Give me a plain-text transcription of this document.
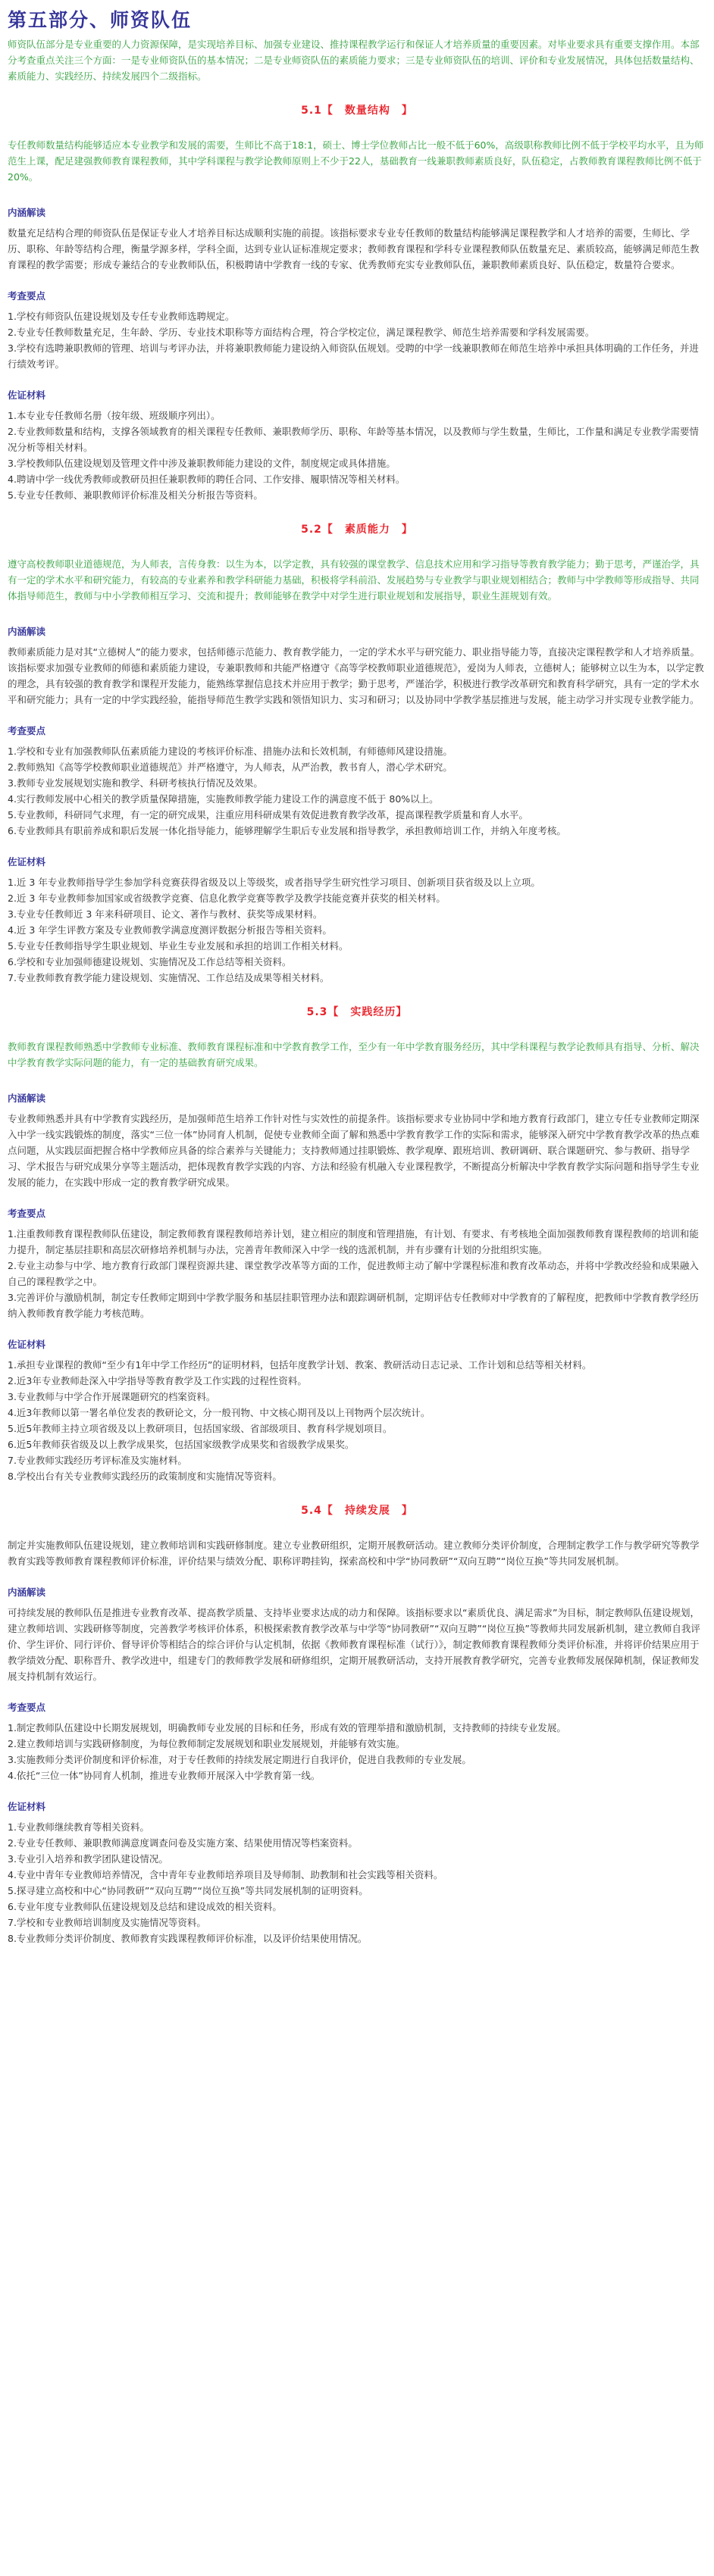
第五部分、师资队伍
师资队伍部分是专业重要的人力资源保障，是实现培养目标、加强专业建设、推持课程教学运行和保证人才培养质量的重要因素。对毕业要求具有重要支撑作用。本部分考查重点关注三个方面：一是专业师资队伍的基本情况；二是专业师资队伍的素质能力要求；三是专业师资队伍的培训、评价和专业发展情况，具体包括数量结构、素质能力、实践经历、持续发展四个二级指标。
5.1【　数量结构　】
专任教师数量结构能够适应本专业教学和发展的需要，生师比不高于18:1，硕士、博士学位教师占比一般不低于60%，高级职称教师比例不低于学校平均水平，且为师范生上课，配足建强教师教育课程教师，其中学科课程与教学论教师原则上不少于22人，基础教育一线兼职教师素质良好，队伍稳定，占教师教育课程教师比例不低于20%。
内涵解读

数量充足结构合理的师资队伍是保证专业人才培养目标达成顺利实施的前提。该指标要求专业专任教师的数量结构能够满足课程教学和人才培养的需要，生师比、学历、职称、年龄等结构合理，衡量学源多样，学科全面，达到专业认证标准规定要求；教师教育课程和学科专业课程教师队伍数量充足、素质较高，能够满足师范生教育课程的教学需要；形成专兼结合的专业教师队伍，积极聘请中学教育一线的专家、优秀教师充实专业教师队伍，兼职教师素质良好、队伍稳定，数量符合要求。

考查要点
1.学校有师资队伍建设规划及专任专业教师选聘规定。
2.专业专任教师数量充足，生年龄、学历、专业技术职称等方面结构合理，符合学校定位，满足课程教学、师范生培养需要和学科发展需要。
3.学校有选聘兼职教师的管理、培训与考评办法，并将兼职教师能力建设纳入师资队伍规划。受聘的中学一线兼职教师在师范生培养中承担具体明确的工作任务，并进行绩效考评。
佐证材料
1.本专业专任教师名册（按年级、班级顺序列出）。
2.专业教师数量和结构，支撑各领域教育的相关课程专任教师、兼职教师学历、职称、年龄等基本情况，以及教师与学生数量，生师比，工作量和满足专业教学需要情况分析等相关材料。
3.学校教师队伍建设规划及管理文件中涉及兼职教师能力建设的文件，制度规定或具体措施。
4.聘请中学一线优秀教师或教研员担任兼职教师的聘任合同、工作安排、履职情况等相关材料。
5.专业专任教师、兼职教师评价标准及相关分析报告等资料。
5.2【　素质能力　】
遵守高校教师职业道德规范，为人师表，言传身教：以生为本，以学定教，具有较强的课堂教学、信息技术应用和学习指导等教育教学能力；勤于思考，严谨治学，具有一定的学术水平和研究能力，有较高的专业素养和教学科研能力基础，积极将学科前沿、发展趋势与专业教学与职业规划相结合；教师与中学教师等形成指导、共同体指导师范生，教师与中小学教师相互学习、交流和提升；教师能够在教学中对学生进行职业规划和发展指导，职业生涯规划有效。
内涵解读

教师素质能力是对其“立德树人”的能力要求，包括师德示范能力、教育教学能力，一定的学术水平与研究能力、职业指导能力等，直接决定课程教学和人才培养质量。该指标要求加强专业教师的师德和素质能力建设，专兼职教师和共能严格遵守《高等学校教师职业道德规范》，爱岗为人师表，立德树人；能够树立以生为本，以学定教的理念，具有较强的教育教学和课程开发能力，能熟练掌握信息技术并应用于教学；勤于思考，严谨治学，积极进行教学改革研究和教育科学研究，具有一定的学术水平和研究能力；具有一定的中学实践经验，能指导师范生教学实践和领悟知识力、实习和研习；以及协同中学教学基层推进与发展，能主动学习并实现专业教学能力。

考查要点
1.学校和专业有加强教师队伍素质能力建设的考核评价标准、措施办法和长效机制，有师德师风建设措施。
2.教师熟知《高等学校教师职业道德规范》并严格遵守，为人师表，从严治教，教书育人，潜心学术研究。
3.教师专业发展规划实施和教学、科研考核执行情况及效果。
4.实行教师发展中心相关的教学质量保障措施，实施教师教学能力建设工作的满意度不低于 80%以上。
5.专业教师，科研同气求理，有一定的研究成果，注重应用科研成果有效促进教育教学改革，提高课程教学质量和育人水平。
6.专业教师具有职前养成和职后发展一体化指导能力，能够理解学生职后专业发展和指导教学，承担教师培训工作，并纳入年度考核。
佐证材料
1.近 3 年专业教师指导学生参加学科竞赛获得省级及以上等级奖，或者指导学生研究性学习项目、创新项目获省级及以上立项。
2.近 3 年专业教师参加国家或省级教学竞赛、信息化教学竞赛等教学及教学技能竞赛并获奖的相关材料。
3.专业专任教师近 3 年来科研项目、论文、著作与教材、获奖等成果材料。
4.近 3 年学生评教方案及专业教师教学满意度测评数据分析报告等相关资料。
5.专业专任教师指导学生职业规划、毕业生专业发展和承担的培训工作相关材料。
6.学校和专业加强师德建设规划、实施情况及工作总结等相关资料。
7.专业教师教育教学能力建设规划、实施情况、工作总结及成果等相关材料。
5.3【　实践经历】
教师教育课程教师熟悉中学教师专业标准、教师教育课程标准和中学教育教学工作，至少有一年中学教育服务经历，其中学科课程与教学论教师具有指导、分析、解决中学教育教学实际问题的能力，有一定的基础教育研究成果。
内涵解读

专业教师熟悉并具有中学教育实践经历，是加强师范生培养工作针对性与实效性的前提条件。该指标要求专业协同中学和地方教育行政部门，建立专任专业教师定期深入中学一线实践锻炼的制度，落实“三位一体”协同育人机制，促使专业教师全面了解和熟悉中学教育教学工作的实际和需求，能够深入研究中学教育教学改革的热点难点问题，从实践层面把握合格中学教师应具备的综合素养与关键能力；支持教师通过挂职锻炼、教学观摩、跟班培训、教研调研、联合课题研究、参与教研、指导学习、学术报告与研究成果分享等主题活动，把体现教育教学实践的内容、方法和经验有机融入专业课程教学，不断提高分析解决中学教育教学实际问题和指导学生专业发展的能力，在实践中形成一定的教育教学研究成果。

考查要点
1.注重教师教育课程教师队伍建设，制定教师教育课程教师培养计划，建立相应的制度和管理措施，有计划、有要求、有考核地全面加强教师教育课程教师的培训和能力提升，制定基层挂职和高层次研修培养机制与办法，完善青年教师深入中学一线的选派机制，并有步骤有计划的分批组织实施。
2.专业主动参与中学、地方教育行政部门课程资源共建、课堂教学改革等方面的工作，促进教师主动了解中学课程标准和教育改革动态，并将中学教改经验和成果融入自己的课程教学之中。
3.完善评价与激励机制，制定专任教师定期到中学教学服务和基层挂职管理办法和跟踪调研机制，定期评估专任教师对中学教育的了解程度，把教师中学教育教学经历纳入教师教育教学能力考核范畴。
佐证材料
1.承担专业课程的教师“至少有1年中学工作经历”的证明材料，包括年度教学计划、教案、教研活动日志记录、工作计划和总结等相关材料。
2.近3年专业教师赴深入中学指导等教育教学及工作实践的过程性资料。
3.专业教师与中学合作开展课题研究的档案资料。
4.近3年教师以第一署名单位发表的教研论文，分一般刊物、中文核心期刊及以上刊物两个层次统计。
5.近5年教师主持立项省级及以上教研项目，包括国家级、省部级项目、教育科学规划项目。
6.近5年教师获省级及以上教学成果奖，包括国家级教学成果奖和省级教学成果奖。
7.专业教师实践经历考评标准及实施材料。
8.学校出台有关专业教师实践经历的政策制度和实施情况等资料。
5.4【　持续发展　】

制定并实施教师队伍建设规划，建立教师培训和实践研修制度。建立专业教研组织，定期开展教研活动。建立教师分类评价制度，合理制定教学工作与教学研究等教学教育实践等教师教育课程教师评价标准，评价结果与绩效分配、职称评聘挂钩，探索高校和中学“协同教研”“双向互聘”“岗位互换”等共同发展机制。

内涵解读

可持续发展的教师队伍是推进专业教育改革、提高教学质量、支持毕业要求达成的动力和保障。该指标要求以“素质优良、满足需求”为目标，制定教师队伍建设规划，建立教师培训、实践研修等制度，完善教学考核评价体系，积极探索教育教学改革与中学等“协同教研”“双向互聘”“岗位互换”等教师共同发展新机制，建立教师自我评价、学生评价、同行评价、督导评价等相结合的综合评价与认定机制，依据《教师教育课程标准（试行）》，制定教师教育课程教师分类评价标准，并将评价结果应用于教学绩效分配、职称晋升、教学改进中，组建专门的教师教学发展和研修组织，定期开展教研活动，支持开展教育教学研究，完善专业教师发展保障机制，保证教师发展支持机制有效运行。

考查要点
1.制定教师队伍建设中长期发展规划，明确教师专业发展的目标和任务，形成有效的管理举措和激励机制，支持教师的持续专业发展。
2.建立教师培训与实践研修制度，为每位教师制定发展规划和职业发展规划，并能够有效实施。
3.实施教师分类评价制度和评价标准，对于专任教师的持续发展定期进行自我评价，促进自我教师的专业发展。
4.依托“三位一体”协同育人机制，推进专业教师开展深入中学教育第一线。
佐证材料
1.专业教师继续教育等相关资料。
2.专业专任教师、兼职教师满意度调查问卷及实施方案、结果使用情况等档案资料。
3.专业引入培养和教学团队建设情况。
4.专业中青年专业教师培养情况，含中青年专业教师培养项目及导师制、助教制和社会实践等相关资料。
5.探寻建立高校和中心“协同教研”“双向互聘”“岗位互换”等共同发展机制的证明资料。
6.专业年度专业教师队伍建设规划及总结和建设成效的相关资料。
7.学校和专业教师培训制度及实施情况等资料。
8.专业教师分类评价制度、教师教育实践课程教师评价标准，以及评价结果使用情况。
